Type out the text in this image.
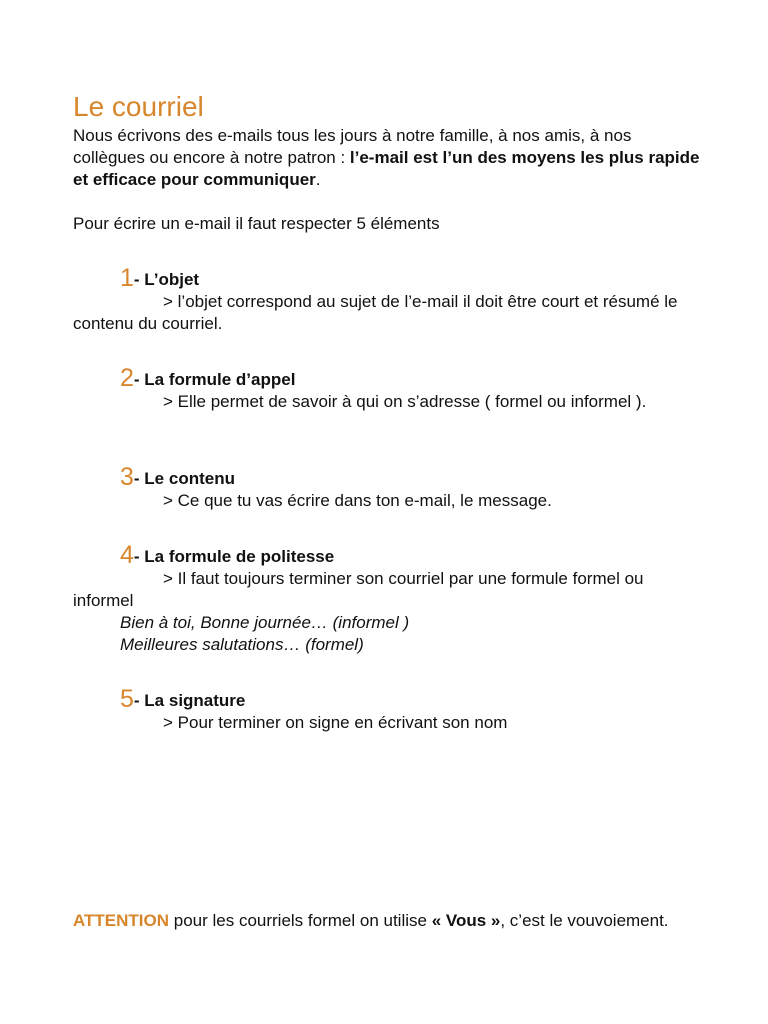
Le courriel

Nous écrivons des e-mails tous les jours à notre famille, à nos amis, à nos collègues ou encore à notre patron : l’e-mail est l’un des moyens les plus rapide et efficace pour communiquer.

Pour écrire un e-mail il faut respecter 5 éléments
1- L’objet

> l’objet correspond au sujet de l’e-mail il doit être court et résumé le contenu du courriel.

2- La formule d’appel

> Elle permet de savoir à qui on s’adresse ( formel ou informel ).

3- Le contenu

> Ce que tu vas écrire dans ton e-mail, le message.

4- La formule de politesse

> Il faut toujours terminer son courriel par une formule formel ou informel

Bien à toi, Bonne journée… (informel )

Meilleures salutations… (formel)

5- La signature

> Pour terminer on signe en écrivant son nom

ATTENTION pour les courriels formel on utilise « Vous », c’est le vouvoiement.
